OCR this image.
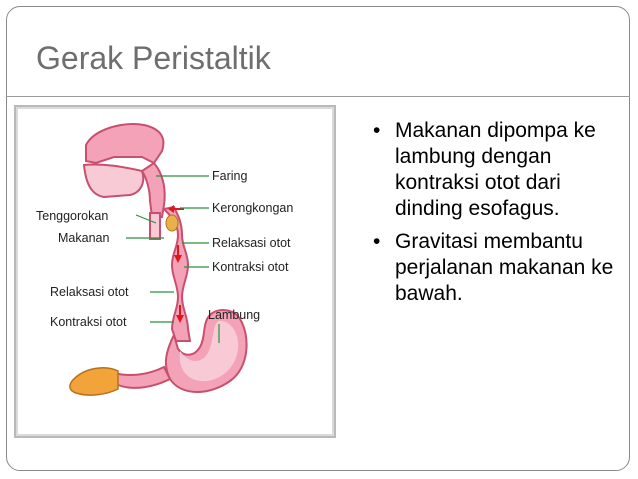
Gerak Peristaltik
Faring
Kerongkongan
Tenggorokan
Makanan	Relaksasi otot
Kontraksi otot
Relaksasi otot
Kontraksi otot	Lambung
• Makanan dipompa ke lambung dengan kontraksi otot dari dinding esofagus.
• Gravitasi membantu perjalanan makanan ke bawah.
